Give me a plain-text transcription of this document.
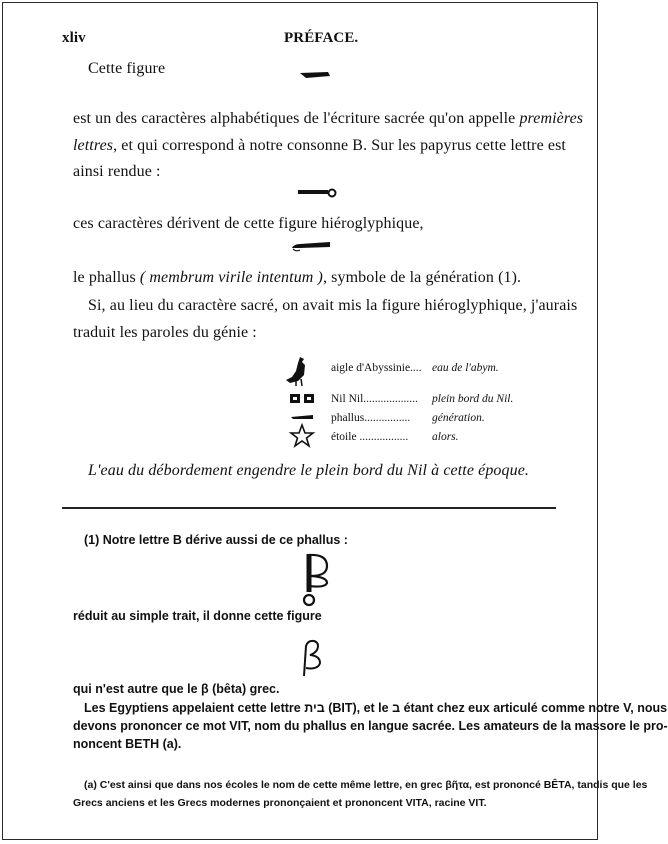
xliv	PRÉFACE.
Cette figure
est un des caractères alphabétiques de l'écriture sacrée qu'on appelle premières
lettres, et qui correspond à notre consonne B. Sur les papyrus cette lettre est
ainsi rendue :
ces caractères dérivent de cette figure hiéroglyphique,
le phallus ( membrum virile intentum ), symbole de la génération (1).
Si, au lieu du caractère sacré, on avait mis la figure hiéroglyphique, j'aurais
traduit les paroles du génie :
aigle d'Abyssinie.... eau de l'abym.
Nil Nil................... plein bord du Nil.
phallus................ génération.
étoile ................. alors.
L'eau du débordement engendre le plein bord du Nil à cette époque.
(1) Notre lettre B dérive aussi de ce phallus :
réduit au simple trait, il donne cette figure
qui n'est autre que le β (bêta) grec.
Les Egyptiens appelaient cette lettre בית (BIT), et le ב étant chez eux articulé comme notre V, nous
devons prononcer ce mot VIT, nom du phallus en langue sacrée. Les amateurs de la massore le pro-
noncent BETH (a).
(a) C'est ainsi que dans nos écoles le nom de cette même lettre, en grec βῆτα, est prononcé BÊTA, tandis que les
Grecs anciens et les Grecs modernes prononçaient et prononcent VITA, racine VIT.
